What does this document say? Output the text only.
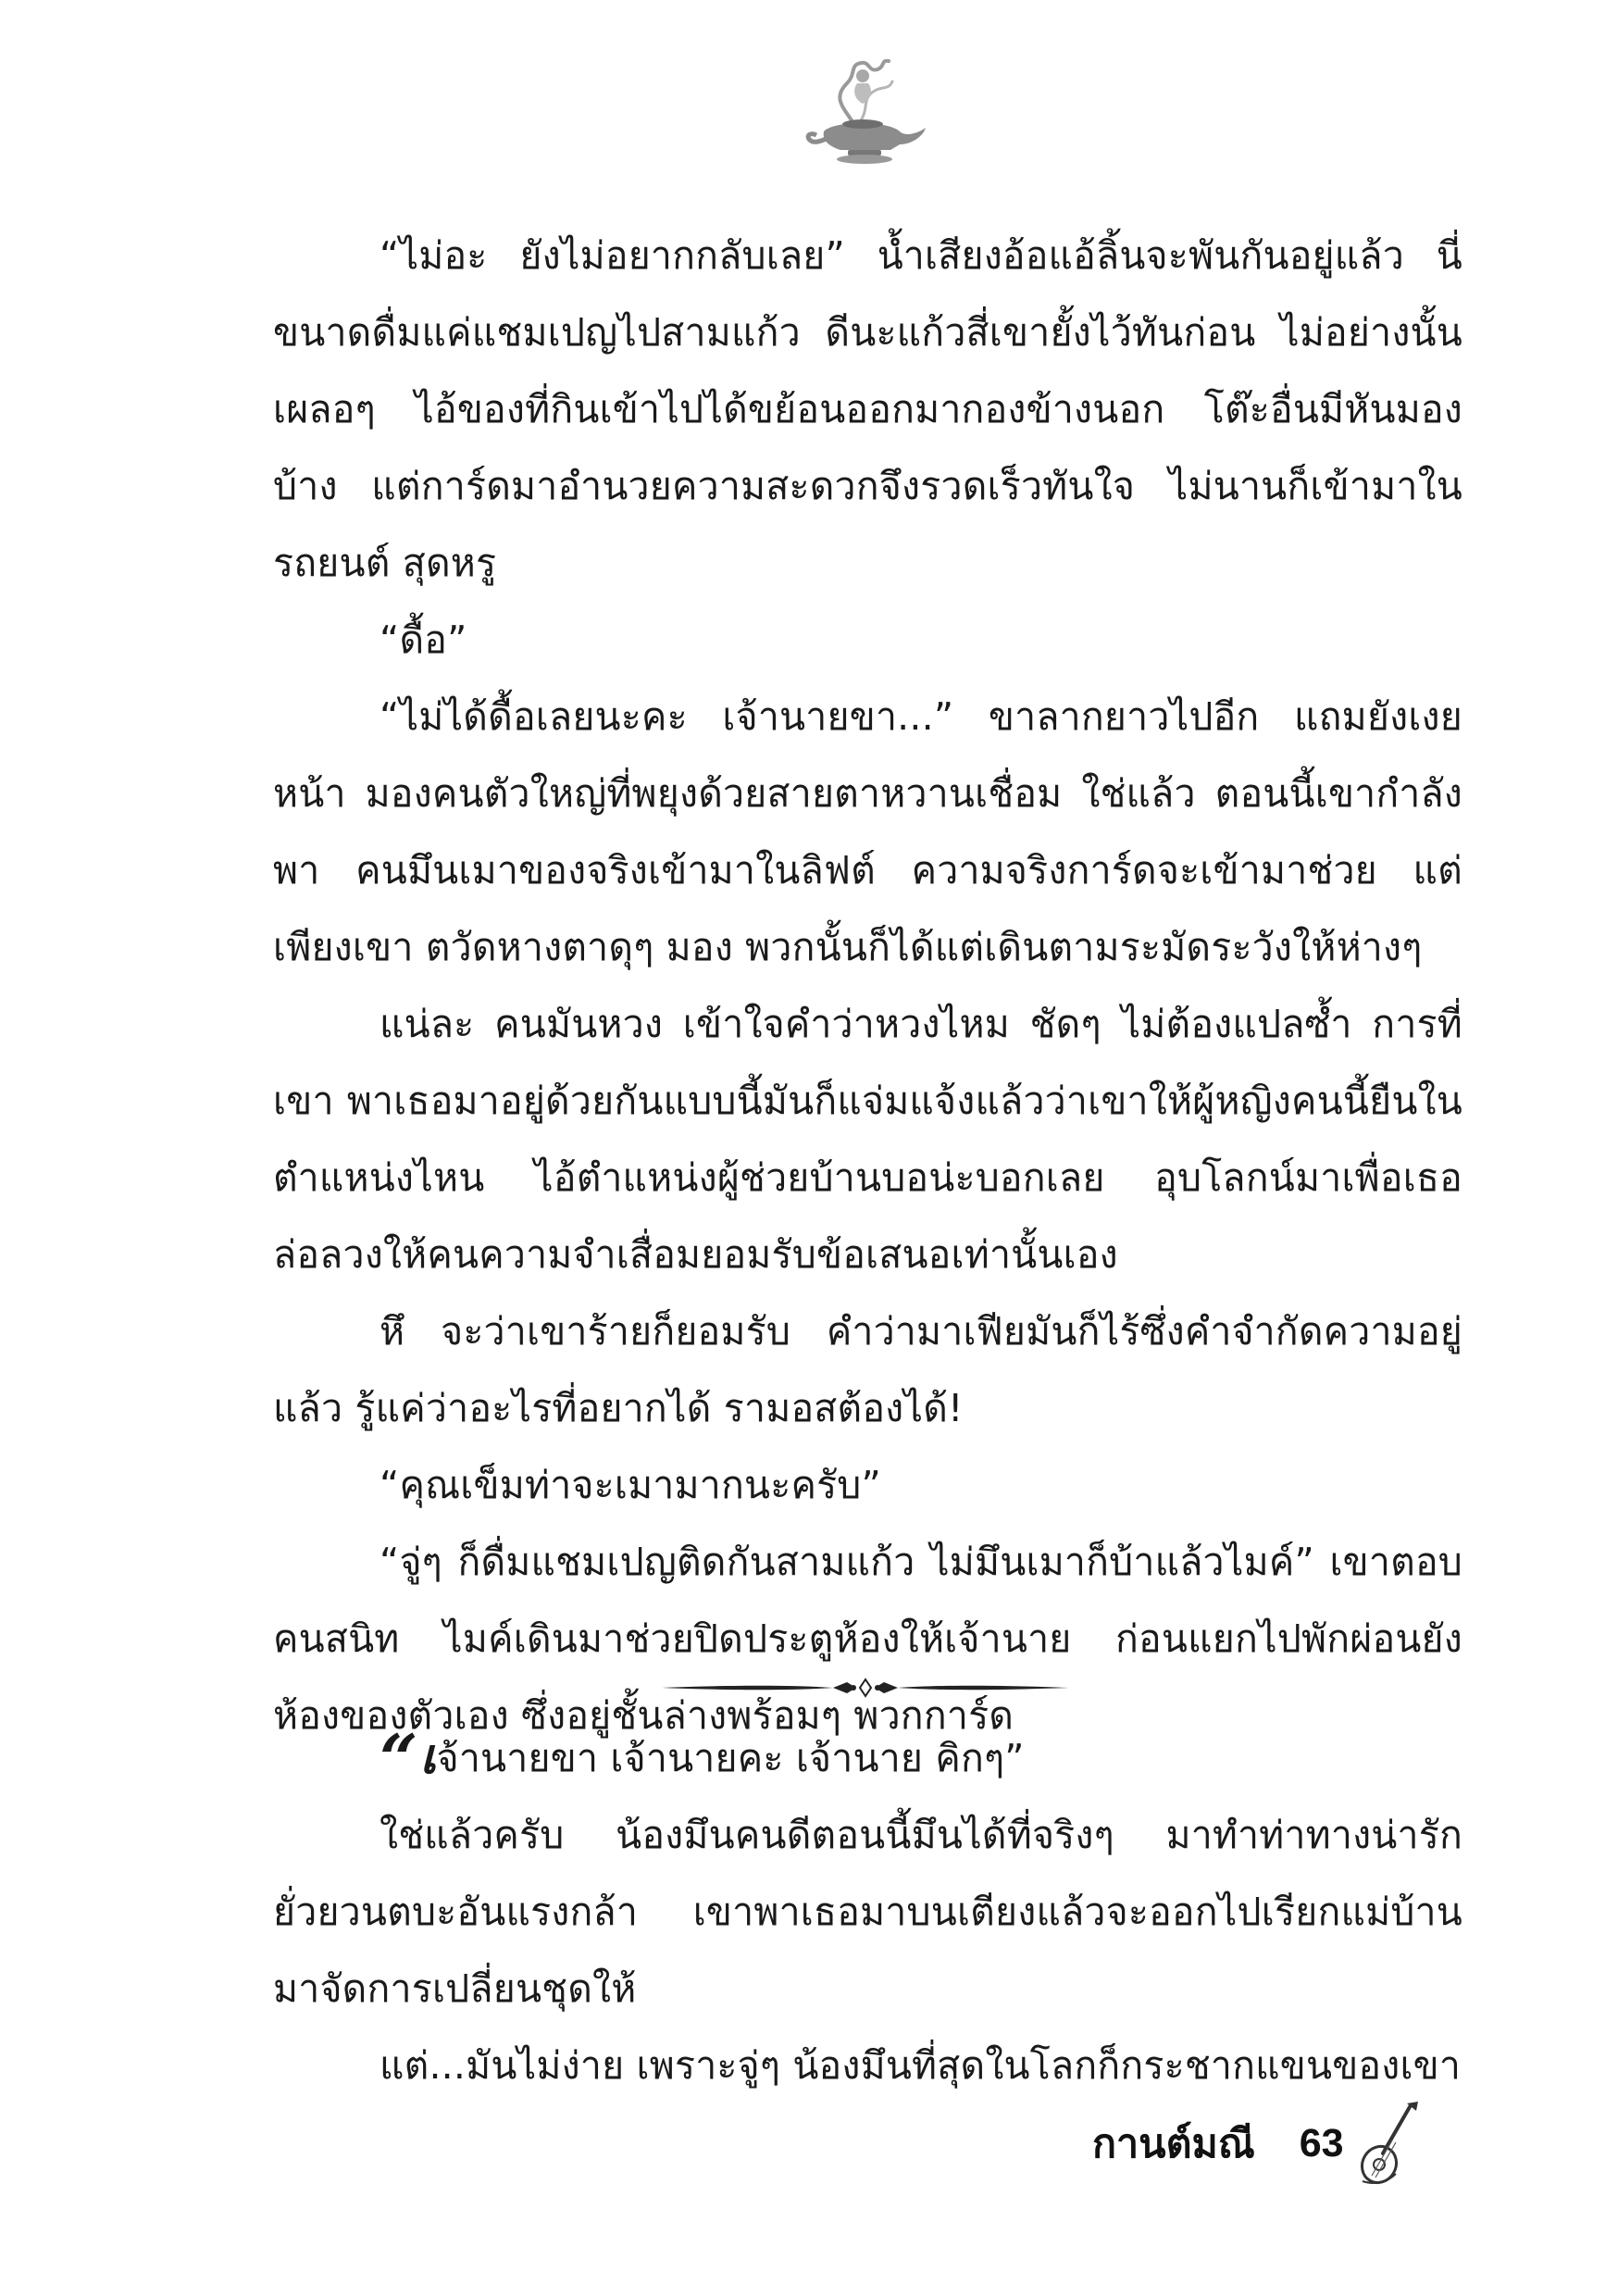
“ไม่อะ ยังไม่อยากกลับเลย” น้ำเสียงอ้อแอ้ลิ้นจะพันกันอยู่แล้ว นี่ขนาดดื่มแค่แชมเปญไปสามแก้ว ดีนะแก้วสี่เขายั้งไว้ทันก่อน ไม่อย่างนั้น เผลอๆ ไอ้ของที่กินเข้าไปได้ขย้อนออกมากองข้างนอก โต๊ะอื่นมีหันมองบ้าง แต่การ์ดมาอำนวยความสะดวกจึงรวดเร็วทันใจ ไม่นานก็เข้ามาในรถยนต์ สุดหรู

“ดื้อ”

“ไม่ได้ดื้อเลยนะคะ เจ้านายขา...” ขาลากยาวไปอีก แถมยังเงยหน้า มองคนตัวใหญ่ที่พยุงด้วยสายตาหวานเชื่อม ใช่แล้ว ตอนนี้เขากำลังพา คนมึนเมาของจริงเข้ามาในลิฟต์ ความจริงการ์ดจะเข้ามาช่วย แต่เพียงเขา ตวัดหางตาดุๆ มอง พวกนั้นก็ได้แต่เดินตามระมัดระวังให้ห่างๆ

แน่ละ คนมันหวง เข้าใจคำว่าหวงไหม ชัดๆ ไม่ต้องแปลซ้ำ การที่เขา พาเธอมาอยู่ด้วยกันแบบนี้มันก็แจ่มแจ้งแล้วว่าเขาให้ผู้หญิงคนนี้ยืนใน ตำแหน่งไหน ไอ้ตำแหน่งผู้ช่วยบ้านบอน่ะบอกเลย อุบโลกน์มาเพื่อเธอ ล่อลวงให้คนความจำเสื่อมยอมรับข้อเสนอเท่านั้นเอง

หึ จะว่าเขาร้ายก็ยอมรับ คำว่ามาเฟียมันก็ไร้ซึ่งคำจำกัดความอยู่แล้ว รู้แค่ว่าอะไรที่อยากได้ รามอสต้องได้!

“คุณเข็มท่าจะเมามากนะครับ”

“จู่ๆ ก็ดื่มแชมเปญติดกันสามแก้ว ไม่มึนเมาก็บ้าแล้วไมค์” เขาตอบ คนสนิท ไมค์เดินมาช่วยปิดประตูห้องให้เจ้านาย ก่อนแยกไปพักผ่อนยัง ห้องของตัวเอง ซึ่งอยู่ชั้นล่างพร้อมๆ พวกการ์ด

“เจ้านายขา เจ้านายคะ เจ้านาย คิกๆ”

ใช่แล้วครับ น้องมึนคนดีตอนนี้มึนได้ที่จริงๆ มาทำท่าทางน่ารัก ยั่วยวนตบะอันแรงกล้า เขาพาเธอมาบนเตียงแล้วจะออกไปเรียกแม่บ้าน มาจัดการเปลี่ยนชุดให้

แต่...มันไม่ง่าย เพราะจู่ๆ น้องมึนที่สุดในโลกก็กระชากแขนของเขา

กานต์มณี 63
